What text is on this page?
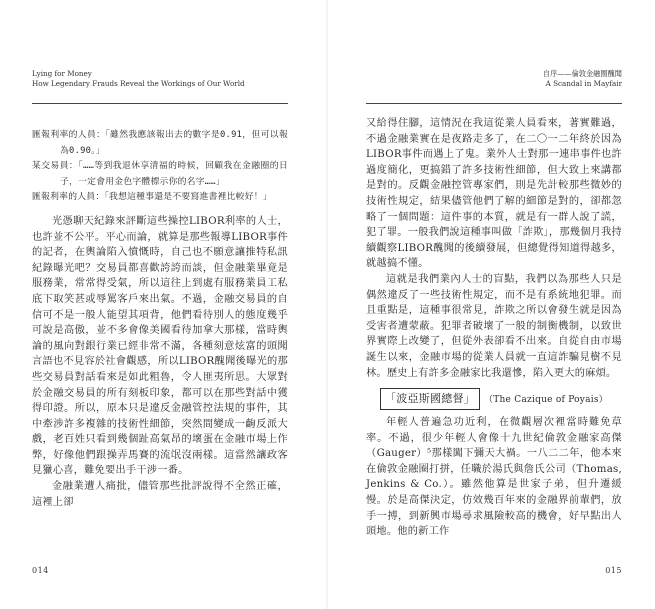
Lying for Money
How Legendary Frauds Reveal the Workings of Our World

匯報利率的人員：「雖然我應該報出去的數字是0.91，但可以報為0.90。」

某交易員：「……等到我退休享清福的時候，回顧我在金融圈的日子，一定會用金色字體標示你的名字……」

匯報利率的人員：「我想這種事還是不要寫進書裡比較好！」

光憑聊天紀錄來評斷這些操控LIBOR利率的人士，也許並不公平。平心而論，就算是那些報導LIBOR事件的記者，在輿論陷入憤慨時，自己也不願意讓推特私訊紀錄曝光吧？交易員都喜歡誇誇而談，但金融業畢竟是服務業，常常得受氣，所以這往上到處有服務業員工私底下取笑甚或辱罵客戶來出氣。不過，金融交易員的自信可不是一般人能望其項背，他們看待別人的態度幾乎可說是高傲，並不多會像美國看待加拿大那樣，當時輿論的風向對銀行業已經非常不滿，各種刻意炫富的頭聞言語也不見容於社會觀感，所以LIBOR醜聞後曝光的那些交易員對話看來是如此粗魯，令人匪夷所思。大眾對於金融交易員的所有刻板印象，都可以在那些對話中獲得印證。所以，原本只是違反金融管控法規的事件，其中牽涉許多複雜的技術性細節，突然間變成一齣反派大戲，老百姓只看到幾個趾高氣昂的壞蛋在金融市場上作弊，好像他們跟操弄馬賽的流氓沒兩樣。這當然讓政客見獵心喜，難免要出手干涉一番。

金融業遭人痛批，儘管那些批評說得不全然正確，這裡上卻

014
自序——倫敦金融圈醜聞
A Scandal in Mayfair

又給得住腳，這情況在我這從業人員看來，著實難過，不過金融業實在是夜路走多了，在二〇一二年終於因為LIBOR事件而遇上了鬼。業外人士對那一連串事件也許過度簡化，更搞錯了許多技術性細節，但大致上來講都是對的。反觀金融控管專家們，則是先計較那些微妙的技術性規定，結果儘管他們了解的細節是對的，卻都忽略了一個問題：這件事的本質，就是有一群人說了謊，犯了罪。一般我們說這種事叫做「詐欺」，那幾個月我持續觀察LIBOR醜聞的後續發展，但總覺得知道得越多，就越搞不懂。

這就是我們業內人士的盲點，我們以為那些人只是偶然違反了一些技術性規定，而不是有系統地犯罪。而且重點是，這種事很常見，詐欺之所以會發生就是因為受害者遭蒙蔽。犯罪者破壞了一般的制衡機制，以致世界實際上改變了，但從外表卻看不出來。自從自由市場誕生以來，金融市場的從業人員就一直這詐騙見樹不見林。歷史上有許多金融家比我還慘，陷入更大的麻煩。

「波亞斯國總督」 （The Cazique of Poyais）

年輕人普遍急功近利，在微觀層次裡當時難免草率。不過，很少年輕人會像十九世紀倫敦金融家高傑（Gauger）⁵那樣闖下彌天大禍。一八二二年，他本來在倫敦金融圈打拼，任職於湯氏與詹氏公司（Thomas, Jenkins & Co.）。雖然他算是世家子弟，但升遷緩慢。於是高傑決定，仿效幾百年來的金融界前輩們，放手一搏，到新興市場尋求風險較高的機會，好早點出人頭地。他的新工作

015
